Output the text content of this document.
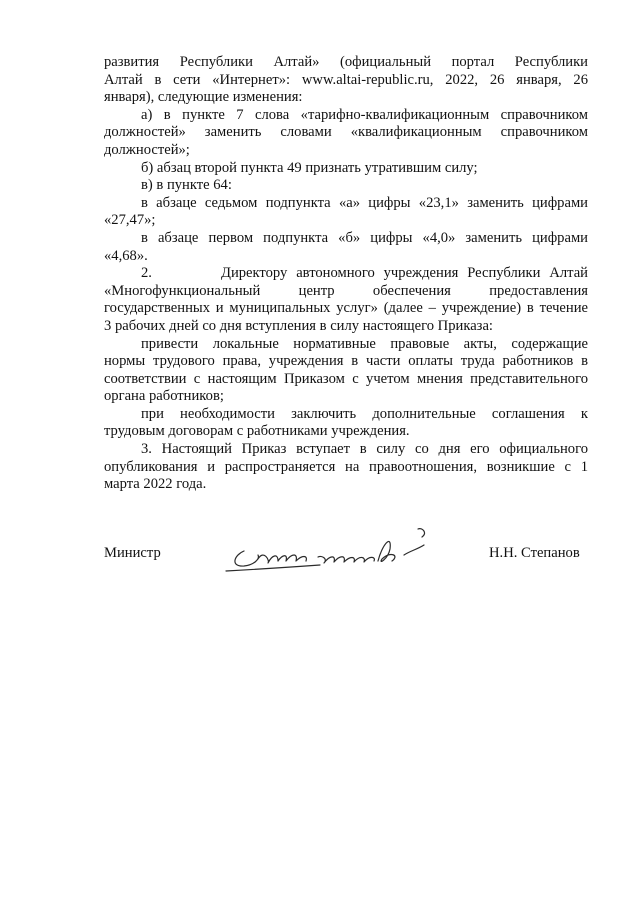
развития Республики Алтай» (официальный портал Республики
Алтай в сети «Интернет»: www.altai-republic.ru, 2022, 26 января, 26
января), следующие изменения:
а) в пункте 7 слова «тарифно-квалификационным справочником
должностей» заменить словами «квалификационным справочником
должностей»;
б) абзац второй пункта 49 признать утратившим силу;
в) в пункте 64:
в абзаце седьмом подпункта «а» цифры «23,1» заменить цифрами
«27,47»;
в абзаце первом подпункта «б» цифры «4,0» заменить цифрами
«4,68».
2.	Директору автономного учреждения Республики Алтай
«Многофункциональный центр обеспечения предоставления
государственных и муниципальных услуг» (далее – учреждение) в течение
3 рабочих дней со дня вступления в силу настоящего Приказа:
привести локальные нормативные правовые акты, содержащие
нормы трудового права, учреждения в части оплаты труда работников в
соответствии с настоящим Приказом с учетом мнения представительного
органа работников;
при необходимости заключить дополнительные соглашения к
трудовым договорам с работниками учреждения.
3. Настоящий Приказ вступает в силу со дня его официального
опубликования и распространяется на правоотношения, возникшие с 1
марта 2022 года.
Министр	Н.Н. Степанов
